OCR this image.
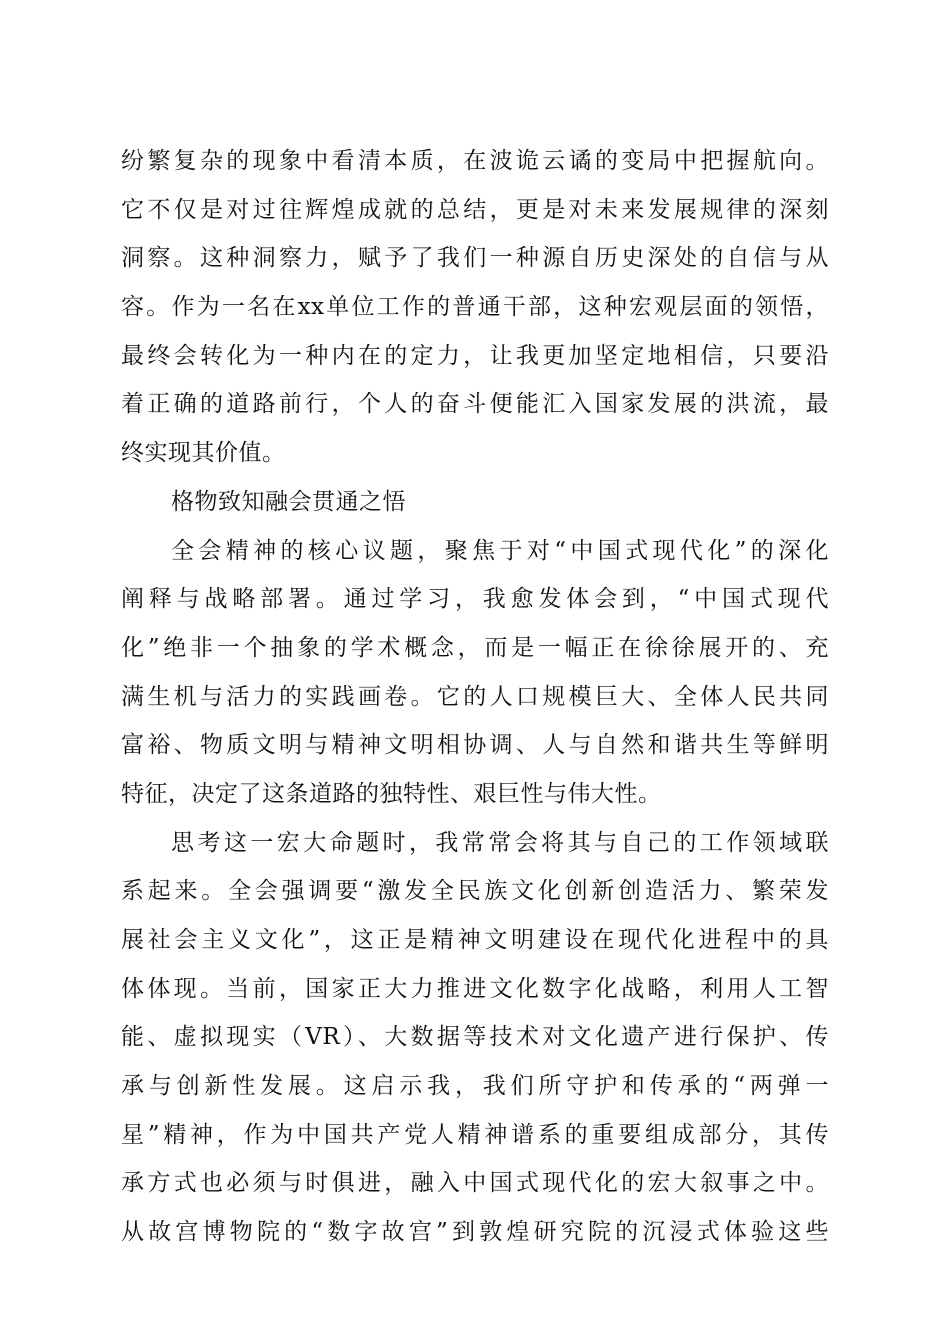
纷繁复杂的现象中看清本质，在波诡云谲的变局中把握航向。
它不仅是对过往辉煌成就的总结，更是对未来发展规律的深刻
洞察。这种洞察力，赋予了我们一种源自历史深处的自信与从
容。作为一名在xx单位工作的普通干部，这种宏观层面的领悟，
最终会转化为一种内在的定力，让我更加坚定地相信，只要沿
着正确的道路前行，个人的奋斗便能汇入国家发展的洪流，最
终实现其价值。
格物致知融会贯通之悟
全会精神的核心议题，聚焦于对“中国式现代化”的深化
阐释与战略部署。通过学习，我愈发体会到，“中国式现代
化”绝非一个抽象的学术概念，而是一幅正在徐徐展开的、充
满生机与活力的实践画卷。它的人口规模巨大、全体人民共同
富裕、物质文明与精神文明相协调、人与自然和谐共生等鲜明
特征，决定了这条道路的独特性、艰巨性与伟大性。
思考这一宏大命题时，我常常会将其与自己的工作领域联
系起来。全会强调要“激发全民族文化创新创造活力、繁荣发
展社会主义文化”，这正是精神文明建设在现代化进程中的具
体体现。当前，国家正大力推进文化数字化战略，利用人工智
能、虚拟现实（VR）、大数据等技术对文化遗产进行保护、传
承与创新性发展。这启示我，我们所守护和传承的“两弹一
星”精神，作为中国共产党人精神谱系的重要组成部分，其传
承方式也必须与时俱进，融入中国式现代化的宏大叙事之中。
从故宫博物院的“数字故宫”到敦煌研究院的沉浸式体验这些
